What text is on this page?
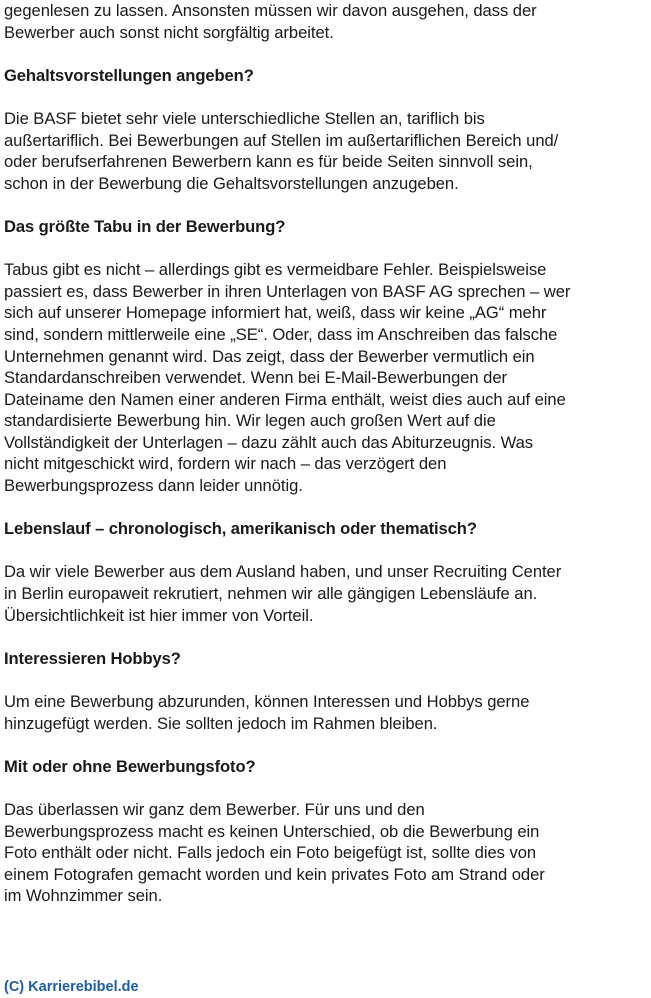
gegenlesen zu lassen. Ansonsten müssen wir davon ausgehen, dass der
Bewerber auch sonst nicht sorgfältig arbeitet.

Gehaltsvorstellungen angeben?

Die BASF bietet sehr viele unterschiedliche Stellen an, tariflich bis
außertariflich. Bei Bewerbungen auf Stellen im außertariflichen Bereich und/
oder berufserfahrenen Bewerbern kann es für beide Seiten sinnvoll sein,
schon in der Bewerbung die Gehaltsvorstellungen anzugeben.

Das größte Tabu in der Bewerbung?

Tabus gibt es nicht – allerdings gibt es vermeidbare Fehler. Beispielsweise
passiert es, dass Bewerber in ihren Unterlagen von BASF AG sprechen – wer
sich auf unserer Homepage informiert hat, weiß, dass wir keine „AG“ mehr
sind, sondern mittlerweile eine „SE“. Oder, dass im Anschreiben das falsche
Unternehmen genannt wird. Das zeigt, dass der Bewerber vermutlich ein
Standardanschreiben verwendet. Wenn bei E-Mail-Bewerbungen der
Dateiname den Namen einer anderen Firma enthält, weist dies auch auf eine
standardisierte Bewerbung hin. Wir legen auch großen Wert auf die
Vollständigkeit der Unterlagen – dazu zählt auch das Abiturzeugnis. Was
nicht mitgeschickt wird, fordern wir nach – das verzögert den
Bewerbungsprozess dann leider unnötig.

Lebenslauf – chronologisch, amerikanisch oder thematisch?

Da wir viele Bewerber aus dem Ausland haben, und unser Recruiting Center
in Berlin europaweit rekrutiert, nehmen wir alle gängigen Lebensläufe an.
Übersichtlichkeit ist hier immer von Vorteil.

Interessieren Hobbys?

Um eine Bewerbung abzurunden, können Interessen und Hobbys gerne
hinzugefügt werden. Sie sollten jedoch im Rahmen bleiben.

Mit oder ohne Bewerbungsfoto?

Das überlassen wir ganz dem Bewerber. Für uns und den
Bewerbungsprozess macht es keinen Unterschied, ob die Bewerbung ein
Foto enthält oder nicht. Falls jedoch ein Foto beigefügt ist, sollte dies von
einem Fotografen gemacht worden und kein privates Foto am Strand oder
im Wohnzimmer sein.

(C) Karrierebibel.de
